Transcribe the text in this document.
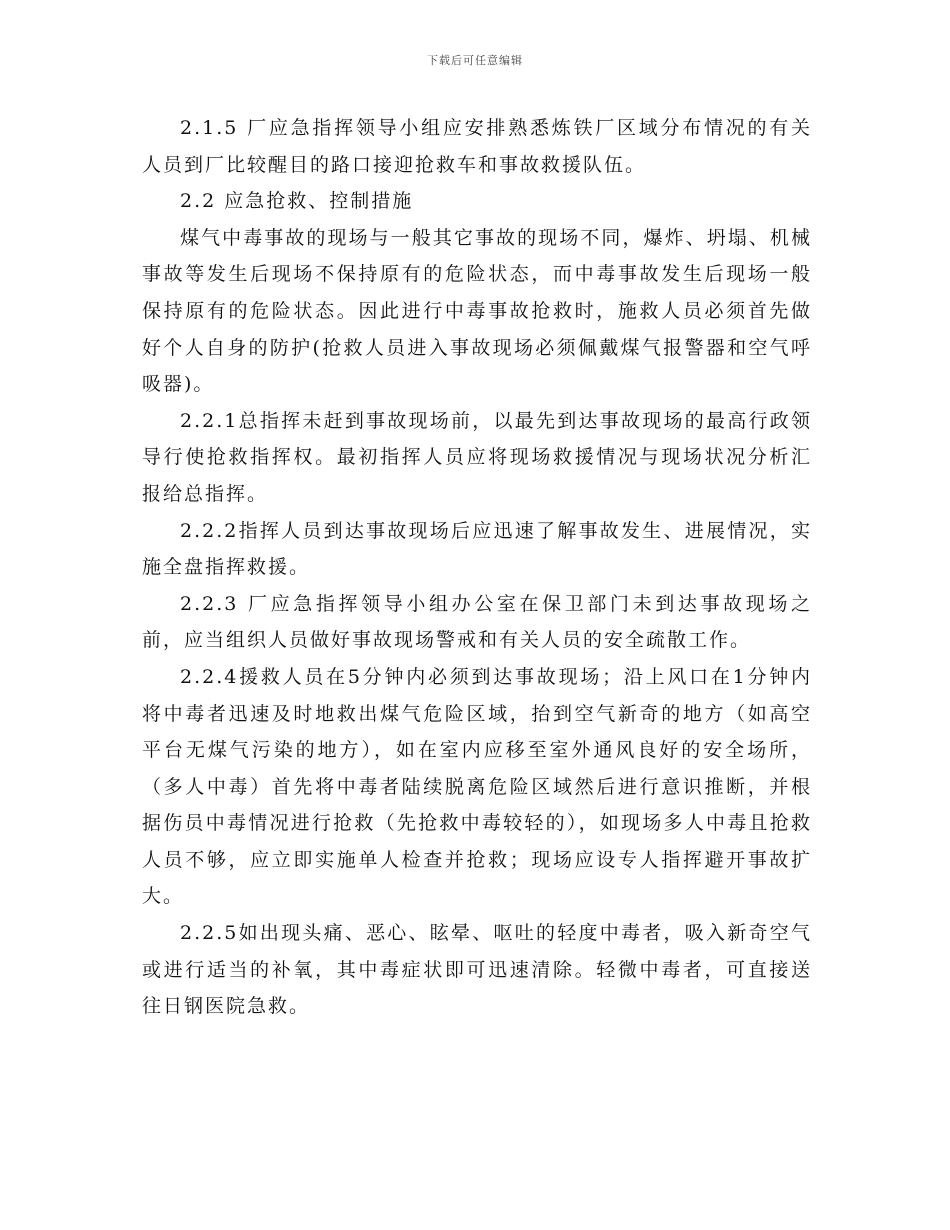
下载后可任意编辑

2.1.5 厂应急指挥领导小组应安排熟悉炼铁厂区域分布情况的有关人员到厂比较醒目的路口接迎抢救车和事故救援队伍。

2.2 应急抢救、控制措施

煤气中毒事故的现场与一般其它事故的现场不同，爆炸、坍塌、机械事故等发生后现场不保持原有的危险状态，而中毒事故发生后现场一般保持原有的危险状态。因此进行中毒事故抢救时，施救人员必须首先做好个人自身的防护(抢救人员进入事故现场必须佩戴煤气报警器和空气呼吸器)。

2.2.1总指挥未赶到事故现场前，以最先到达事故现场的最高行政领导行使抢救指挥权。最初指挥人员应将现场救援情况与现场状况分析汇报给总指挥。

2.2.2指挥人员到达事故现场后应迅速了解事故发生、进展情况，实施全盘指挥救援。

2.2.3 厂应急指挥领导小组办公室在保卫部门未到达事故现场之前，应当组织人员做好事故现场警戒和有关人员的安全疏散工作。

2.2.4援救人员在5分钟内必须到达事故现场；沿上风口在1分钟内将中毒者迅速及时地救出煤气危险区域，抬到空气新奇的地方（如高空平台无煤气污染的地方），如在室内应移至室外通风良好的安全场所，（多人中毒）首先将中毒者陆续脱离危险区域然后进行意识推断，并根据伤员中毒情况进行抢救（先抢救中毒较轻的），如现场多人中毒且抢救人员不够，应立即实施单人检查并抢救；现场应设专人指挥避开事故扩大。

2.2.5如出现头痛、恶心、眩晕、呕吐的轻度中毒者，吸入新奇空气或进行适当的补氧，其中毒症状即可迅速清除。轻微中毒者，可直接送往日钢医院急救。
